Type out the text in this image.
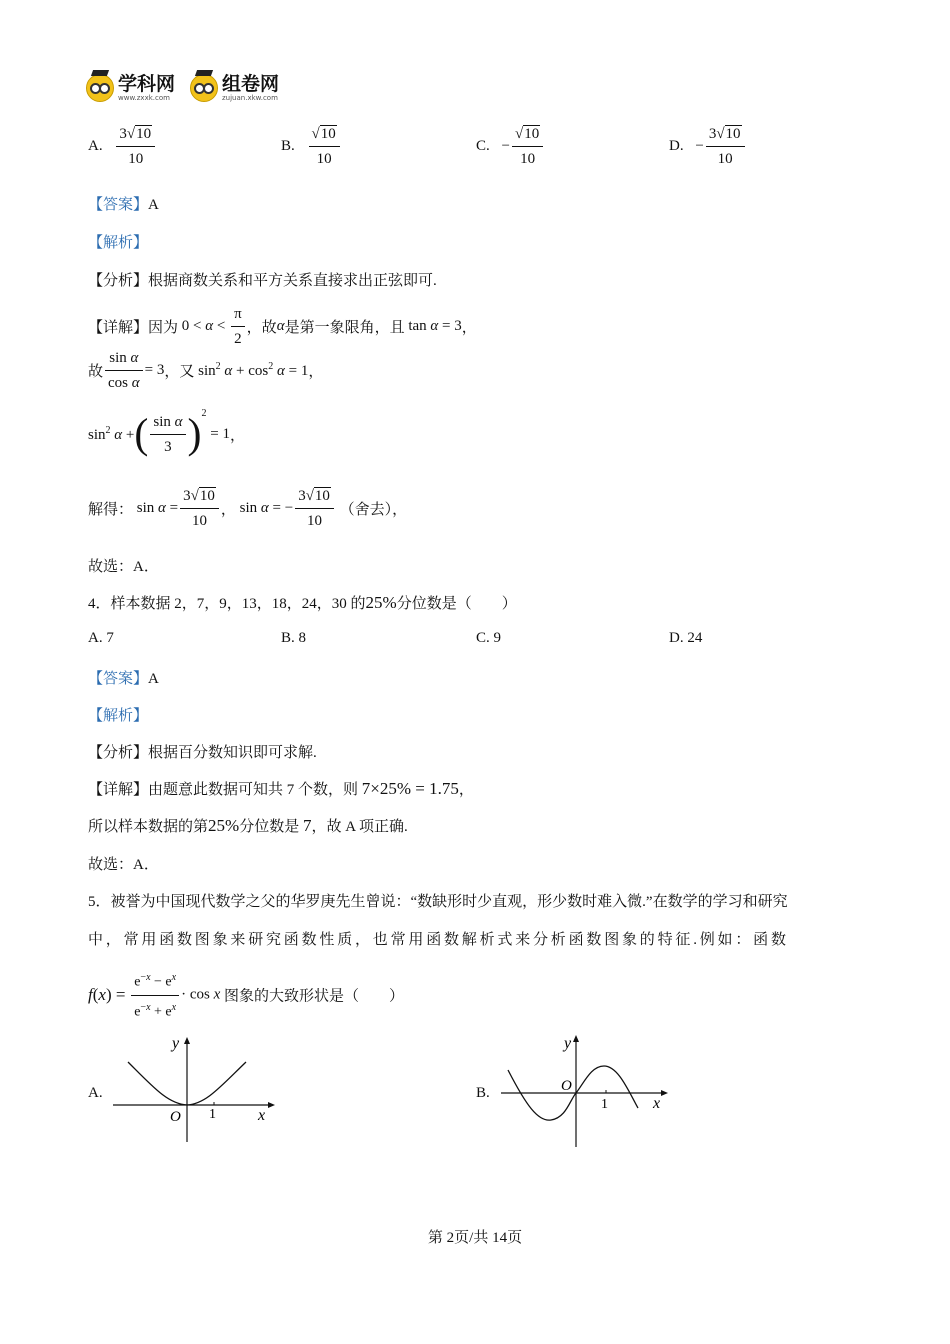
学科网
www.zxxk.com
组卷网
zujuan.xkw.com
A. $\frac{3√10}{10}$	B. $\frac{√10}{10}$	C. − $\frac{√10}{10}$	D. − $\frac{3√10}{10}$
【答案】A
【解析】
【分析】根据商数关系和平方关系直接求出正弦即可.
【详解】因为 $0 < \alpha < \frac{\pi}{2}$ ，故α是第一象限角，且 tan α = 3，
故 $\frac{\text{sin α}}{\text{cos α}} = 3$，又 $\sin^2 \alpha + \cos^2 \alpha = 1$，
$\sin^2 \alpha$ +( $\frac{\text{sin α}}{3} )^2 = 1$，
解得： $\sin \alpha = \frac{3√10}{10}$ ， sin α = − $\frac{3√10}{10}$ （舍去），
故选：A．
4．样本数据 2，7，9，13，18，24，30 的25%分位数是（　　）
A. 7	B. 8	C. 9	D. 24
【答案】A
【解析】
【分析】根据百分数知识即可求解.
【详解】由题意此数据可知共 7 个数，则 7×25% = 1.75，
所以样本数据的第25%分位数是 7，故 A 项正确.
故选：A．
5．被誉为中国现代数学之父的华罗庚先生曾说：“数缺形时少直观，形少数时难入微.”在数学的学习和研究
中，常用函数图象来研究函数性质，也常用函数解析式来分析函数图象的特征.例如：函数
$f(x) = \frac{e^{-x} - e^x}{e^{-x} + e^x} \cdot \cos x$ 图象的大致形状是（　　）
A.
y
x
O 1
B.
y
x
O
1
第 2页/共 14页
